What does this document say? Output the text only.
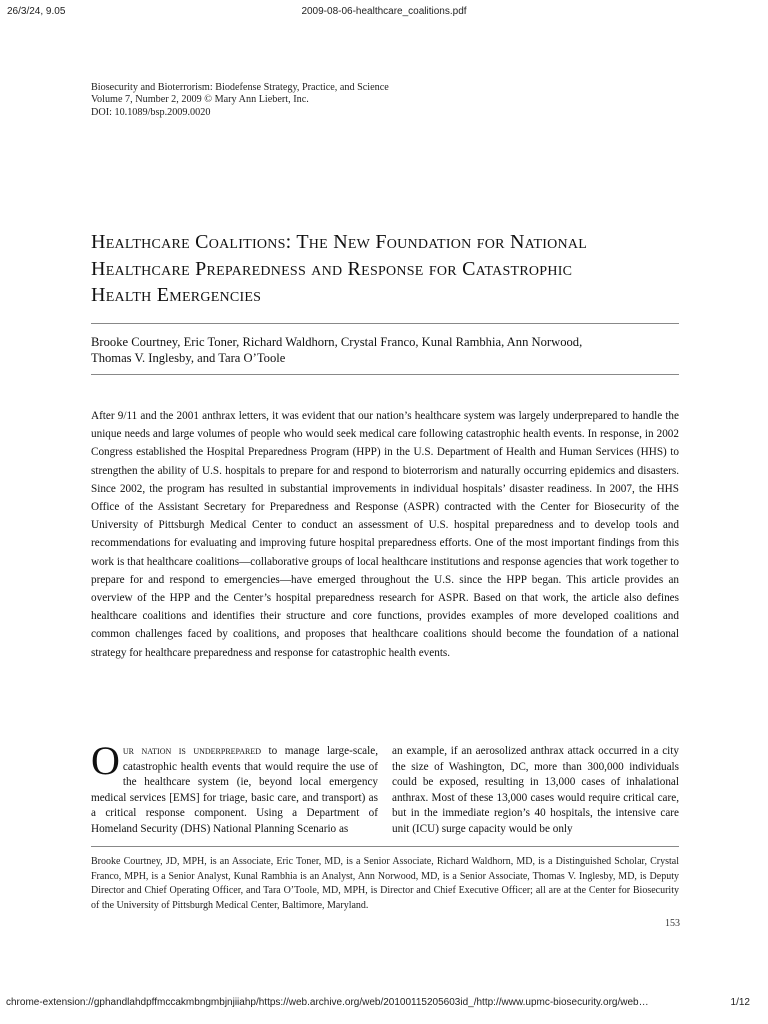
26/3/24, 9.05	2009-08-06-healthcare_coalitions.pdf
Biosecurity and Bioterrorism: Biodefense Strategy, Practice, and Science
Volume 7, Number 2, 2009 © Mary Ann Liebert, Inc.
DOI: 10.1089/bsp.2009.0020
Healthcare Coalitions: The New Foundation for National
Healthcare Preparedness and Response for Catastrophic
Health Emergencies
Brooke Courtney, Eric Toner, Richard Waldhorn, Crystal Franco, Kunal Rambhia, Ann Norwood,
Thomas V. Inglesby, and Tara O’Toole

After 9/11 and the 2001 anthrax letters, it was evident that our nation’s healthcare system was largely underprepared to handle the unique needs and large volumes of people who would seek medical care following catastrophic health events. In response, in 2002 Congress established the Hospital Preparedness Program (HPP) in the U.S. Department of Health and Human Services (HHS) to strengthen the ability of U.S. hospitals to prepare for and respond to bioterrorism and naturally occurring epidemics and disasters. Since 2002, the program has resulted in substantial improvements in individual hospitals’ disaster readiness. In 2007, the HHS Office of the Assistant Secretary for Preparedness and Response (ASPR) contracted with the Center for Biosecurity of the University of Pittsburgh Medical Center to conduct an assessment of U.S. hospital preparedness and to develop tools and recommendations for evaluating and improving future hospital preparedness efforts. One of the most important findings from this work is that healthcare coalitions—collaborative groups of local healthcare institutions and response agencies that work together to prepare for and respond to emergencies—have emerged throughout the U.S. since the HPP began. This article provides an overview of the HPP and the Center’s hospital preparedness research for ASPR. Based on that work, the article also defines healthcare coalitions and identifies their structure and core functions, provides examples of more developed coalitions and common challenges faced by coalitions, and proposes that healthcare coalitions should become the foundation of a national strategy for healthcare preparedness and response for catastrophic health events.

Our nation is underprepared to manage large-scale, catastrophic health events that would require the use of the healthcare system (ie, beyond local emergency medical services [EMS] for triage, basic care, and transport) as a critical response component. Using a Department of Homeland Security (DHS) National Planning Scenario as

an example, if an aerosolized anthrax attack occurred in a city the size of Washington, DC, more than 300,000 individuals could be exposed, resulting in 13,000 cases of inhalational anthrax. Most of these 13,000 cases would require critical care, but in the immediate region’s 40 hospitals, the intensive care unit (ICU) surge capacity would be only

Brooke Courtney, JD, MPH, is an Associate, Eric Toner, MD, is a Senior Associate, Richard Waldhorn, MD, is a Distinguished Scholar, Crystal Franco, MPH, is a Senior Analyst, Kunal Rambhia is an Analyst, Ann Norwood, MD, is a Senior Associate, Thomas V. Inglesby, MD, is Deputy Director and Chief Operating Officer, and Tara O’Toole, MD, MPH, is Director and Chief Executive Officer; all are at the Center for Biosecurity of the University of Pittsburgh Medical Center, Baltimore, Maryland.

153
chrome-extension://gphandlahdpffmccakmbngmbjnjiiahp/https://web.archive.org/web/20100115205603id_/http://www.upmc-biosecurity.org/web…	1/12
